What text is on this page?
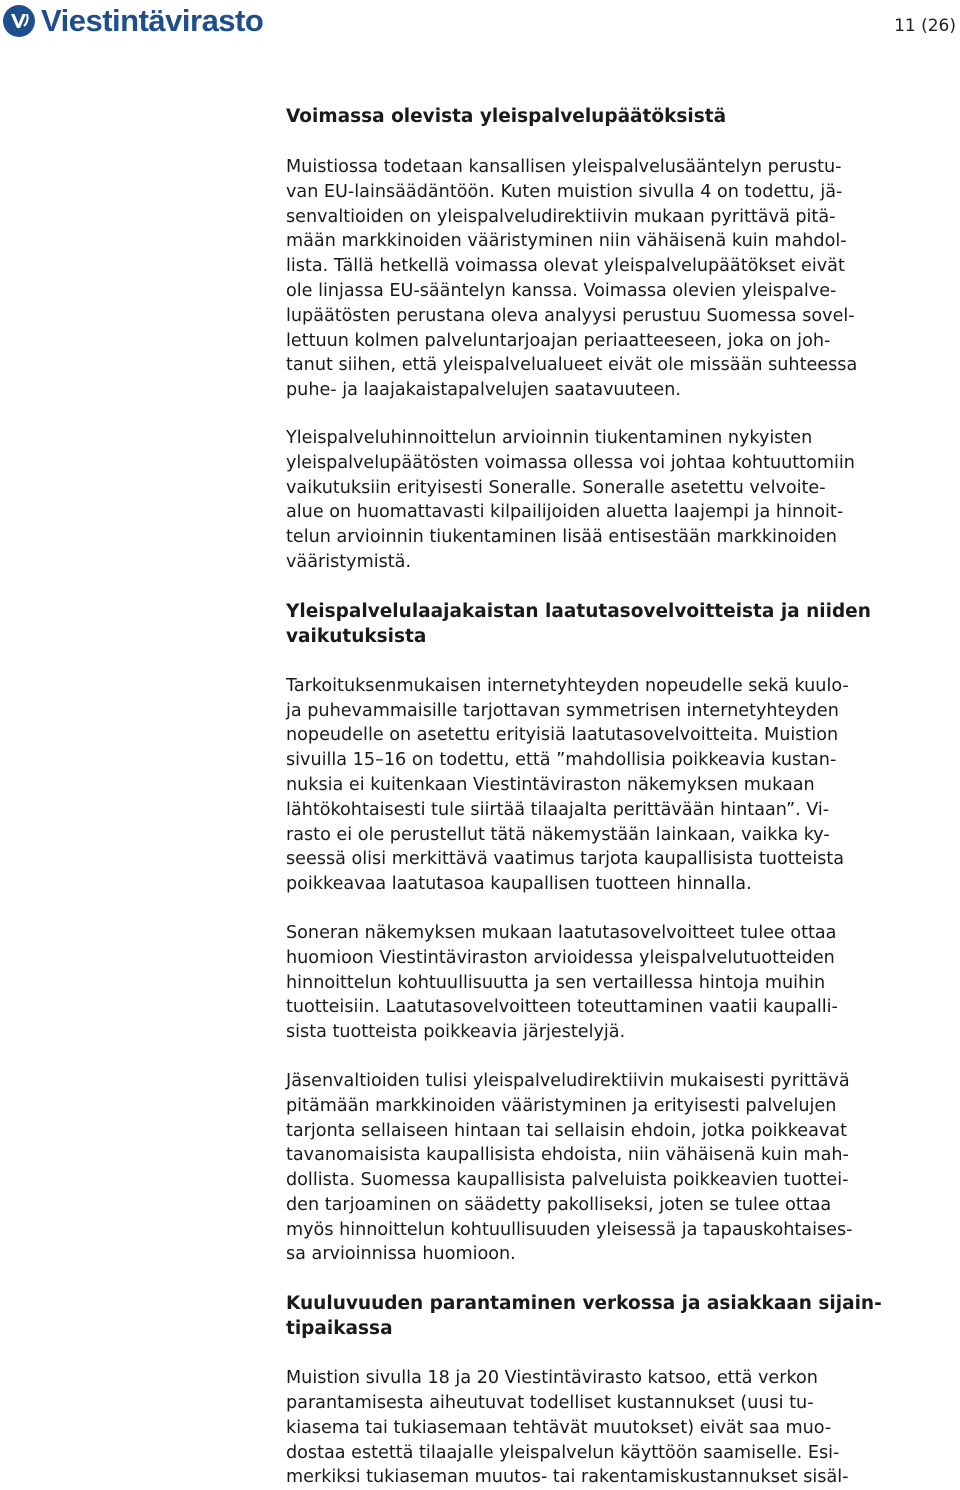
Viestintävirasto	11 (26)
Voimassa olevista yleispalvelupäätöksistä

Muistiossa todetaan kansallisen yleispalvelusääntelyn perustu-
van EU-lainsäädäntöön. Kuten muistion sivulla 4 on todettu, jä-
senvaltioiden on yleispalveludirektiivin mukaan pyrittävä pitä-
mään markkinoiden vääristyminen niin vähäisenä kuin mahdol-
lista. Tällä hetkellä voimassa olevat yleispalvelupäätökset eivät
ole linjassa EU-sääntelyn kanssa. Voimassa olevien yleispalve-
lupäätösten perustana oleva analyysi perustuu Suomessa sovel-
lettuun kolmen palveluntarjoajan periaatteeseen, joka on joh-
tanut siihen, että yleispalvelualueet eivät ole missään suhteessa
puhe- ja laajakaistapalvelujen saatavuuteen.

Yleispalveluhinnoittelun arvioinnin tiukentaminen nykyisten
yleispalvelupäätösten voimassa ollessa voi johtaa kohtuuttomiin
vaikutuksiin erityisesti Soneralle. Soneralle asetettu velvoite-
alue on huomattavasti kilpailijoiden aluetta laajempi ja hinnoit-
telun arvioinnin tiukentaminen lisää entisestään markkinoiden
vääristymistä.

Yleispalvelulaajakaistan laatutasovelvoitteista ja niiden
vaikutuksista

Tarkoituksenmukaisen internetyhteyden nopeudelle sekä kuulo-
ja puhevammaisille tarjottavan symmetrisen internetyhteyden
nopeudelle on asetettu erityisiä laatutasovelvoitteita. Muistion
sivuilla 15–16 on todettu, että ”mahdollisia poikkeavia kustan-
nuksia ei kuitenkaan Viestintäviraston näkemyksen mukaan
lähtökohtaisesti tule siirtää tilaajalta perittävään hintaan”. Vi-
rasto ei ole perustellut tätä näkemystään lainkaan, vaikka ky-
seessä olisi merkittävä vaatimus tarjota kaupallisista tuotteista
poikkeavaa laatutasoa kaupallisen tuotteen hinnalla.

Soneran näkemyksen mukaan laatutasovelvoitteet tulee ottaa
huomioon Viestintäviraston arvioidessa yleispalvelutuotteiden
hinnoittelun kohtuullisuutta ja sen vertaillessa hintoja muihin
tuotteisiin. Laatutasovelvoitteen toteuttaminen vaatii kaupalli-
sista tuotteista poikkeavia järjestelyjä.

Jäsenvaltioiden tulisi yleispalveludirektiivin mukaisesti pyrittävä
pitämään markkinoiden vääristyminen ja erityisesti palvelujen
tarjonta sellaiseen hintaan tai sellaisin ehdoin, jotka poikkeavat
tavanomaisista kaupallisista ehdoista, niin vähäisenä kuin mah-
dollista. Suomessa kaupallisista palveluista poikkeavien tuottei-
den tarjoaminen on säädetty pakolliseksi, joten se tulee ottaa
myös hinnoittelun kohtuullisuuden yleisessä ja tapauskohtaises-
sa arvioinnissa huomioon.

Kuuluvuuden parantaminen verkossa ja asiakkaan sijain-
tipaikassa

Muistion sivulla 18 ja 20 Viestintävirasto katsoo, että verkon
parantamisesta aiheutuvat todelliset kustannukset (uusi tu-
kiasema tai tukiasemaan tehtävät muutokset) eivät saa muo-
dostaa estettä tilaajalle yleispalvelun käyttöön saamiselle. Esi-
merkiksi tukiaseman muutos- tai rakentamiskustannukset sisäl-
